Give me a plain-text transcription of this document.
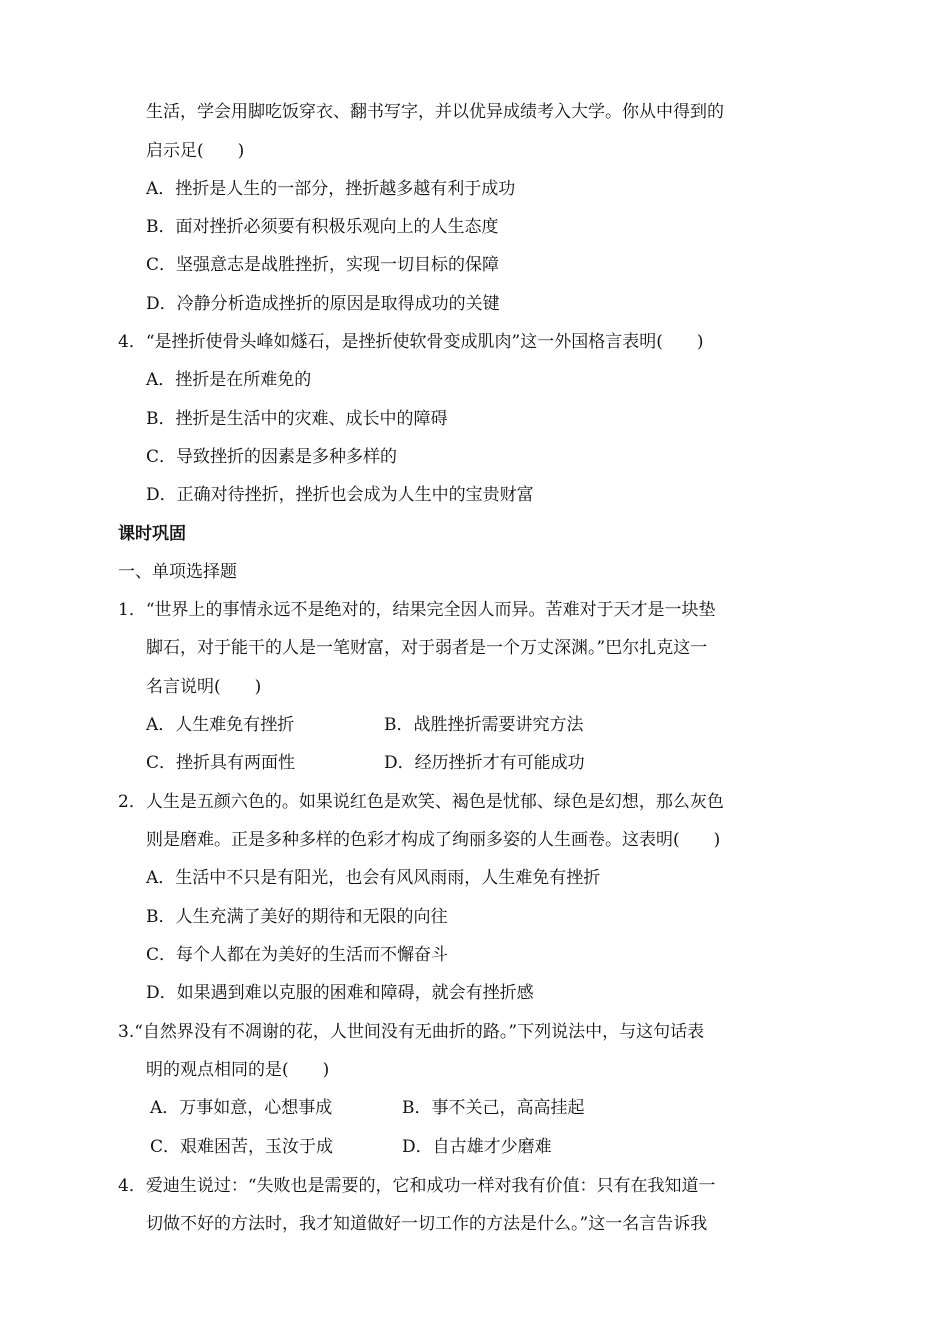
生活，学会用脚吃饭穿衣、翻书写字，并以优异成绩考入大学。你从中得到的
启示足(　　)
A．挫折是人生的一部分，挫折越多越有利于成功
B．面对挫折必须要有积极乐观向上的人生态度
C．坚强意志是战胜挫折，实现一切目标的保障
D．冷静分析造成挫折的原因是取得成功的关键
4．“是挫折使骨头峰如燧石，是挫折使软骨变成肌肉”这一外国格言表明(　　)
A．挫折是在所难免的
B．挫折是生活中的灾难、成长中的障碍
C．导致挫折的因素是多种多样的
D．正确对待挫折，挫折也会成为人生中的宝贵财富
课时巩固
一、单项选择题
1．“世界上的事情永远不是绝对的，结果完全因人而异。苦难对于天才是一块垫
脚石，对于能干的人是一笔财富，对于弱者是一个万丈深渊。”巴尔扎克这一
名言说明(　　)
A．人生难免有挫折	B．战胜挫折需要讲究方法
C．挫折具有两面性	D．经历挫折才有可能成功
2．人生是五颜六色的。如果说红色是欢笑、褐色是忧郁、绿色是幻想，那么灰色
则是磨难。正是多种多样的色彩才构成了绚丽多姿的人生画卷。这表明(　　)
A．生活中不只是有阳光，也会有风风雨雨，人生难免有挫折
B．人生充满了美好的期待和无限的向往
C．每个人都在为美好的生活而不懈奋斗
D．如果遇到难以克服的困难和障碍，就会有挫折感
3.“自然界没有不凋谢的花，人世间没有无曲折的路。”下列说法中，与这句话表
明的观点相同的是(　　)
A．万事如意，心想事成	B．事不关己，高高挂起
C．艰难困苦，玉汝于成	D．自古雄才少磨难
4．爱迪生说过：“失败也是需要的，它和成功一样对我有价值：只有在我知道一
切做不好的方法时，我才知道做好一切工作的方法是什么。”这一名言告诉我
